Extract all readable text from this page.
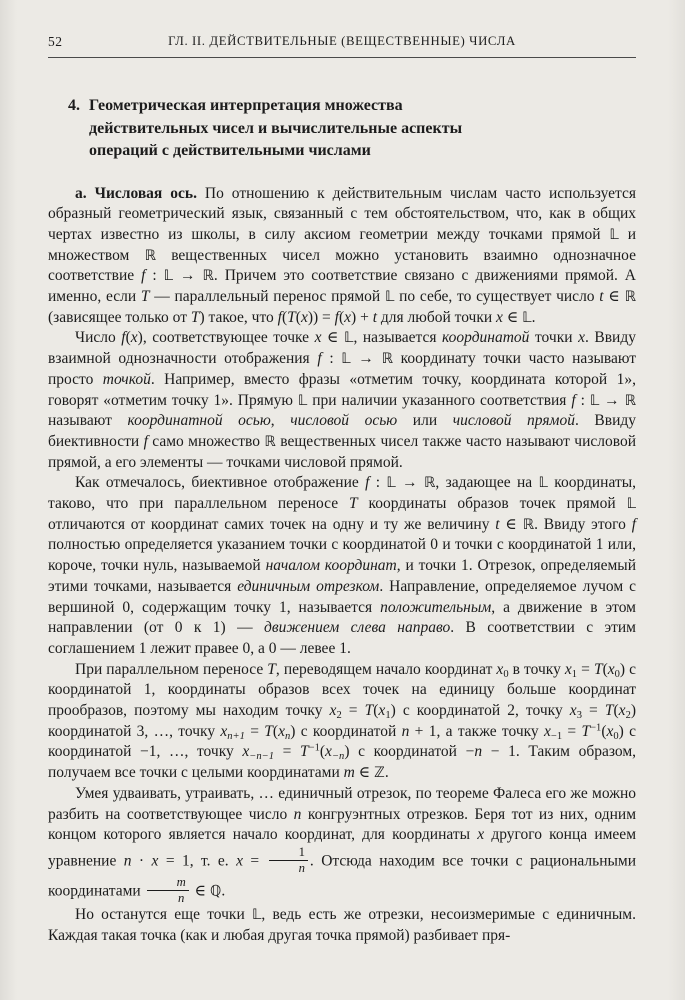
52	ГЛ. II. ДЕЙСТВИТЕЛЬНЫЕ (ВЕЩЕСТВЕННЫЕ) ЧИСЛА
4. Геометрическая интерпретация множества действительных чисел и вычислительные аспекты операций с действительными числами

а. Числовая ось. По отношению к действительным числам часто используется образный геометрический язык, связанный с тем обстоятельством, что, как в общих чертах известно из школы, в силу аксиом геометрии между точками прямой 𝕃 и множеством ℝ вещественных чисел можно установить взаимно однозначное соответствие f : 𝕃 → ℝ. Причем это соответствие связано с движениями прямой. А именно, если T — параллельный перенос прямой 𝕃 по себе, то существует число t ∈ ℝ (зависящее только от T) такое, что f(T(x)) = f(x) + t для любой точки x ∈ 𝕃.

Число f(x), соответствующее точке x ∈ 𝕃, называется координатой точки x. Ввиду взаимной однозначности отображения f : 𝕃 → ℝ координату точки часто называют просто точкой. Например, вместо фразы «отметим точку, координата которой 1», говорят «отметим точку 1». Прямую 𝕃 при наличии указанного соответствия f : 𝕃 → ℝ называют координатной осью, числовой осью или числовой прямой. Ввиду биективности f само множество ℝ вещественных чисел также часто называют числовой прямой, а его элементы — точками числовой прямой.

Как отмечалось, биективное отображение f : 𝕃 → ℝ, задающее на 𝕃 координаты, таково, что при параллельном переносе T координаты образов точек прямой 𝕃 отличаются от координат самих точек на одну и ту же величину t ∈ ℝ. Ввиду этого f полностью определяется указанием точки с координатой 0 и точки с координатой 1 или, короче, точки нуль, называемой началом координат, и точки 1. Отрезок, определяемый этими точками, называется единичным отрезком. Направление, определяемое лучом с вершиной 0, содержащим точку 1, называется положительным, а движение в этом направлении (от 0 к 1) — движением слева направо. В соответствии с этим соглашением 1 лежит правее 0, а 0 — левее 1.

При параллельном переносе T, переводящем начало координат $x_0$ в точку $x_1 = T(x_0)$ с координатой 1, координаты образов всех точек на единицу больше координат прообразов, поэтому мы находим точку $x_2 = T(x_1)$ с координатой 2, точку $x_3 = T(x_2)$ координатой 3, …, точку $x_{n+1} = T(x_n)$ с координатой n + 1, а также точку $x_{-1} = T^{-1}(x_0)$ с координатой −1, …, точку $x_{-n-1} = T^{-1}(x_{-n})$ с координатой −n − 1. Таким образом, получаем все точки с целыми координатами m ∈ ℤ.

Умея удваивать, утраивать, … единичный отрезок, по теореме Фалеса его же можно разбить на соответствующее число n конгруэнтных отрезков. Беря тот из них, одним концом которого является начало координат, для координаты x другого конца имеем уравнение n · x = 1, т. е. $x = \frac{1}{n}$ . Отсюда находим все точки с рациональными координатами $\frac{m}{n}$ ∈ ℚ.

Но останутся еще точки 𝕃, ведь есть же отрезки, несоизмеримые с единичным. Каждая такая точка (как и любая другая точка прямой) разбивает пря-
